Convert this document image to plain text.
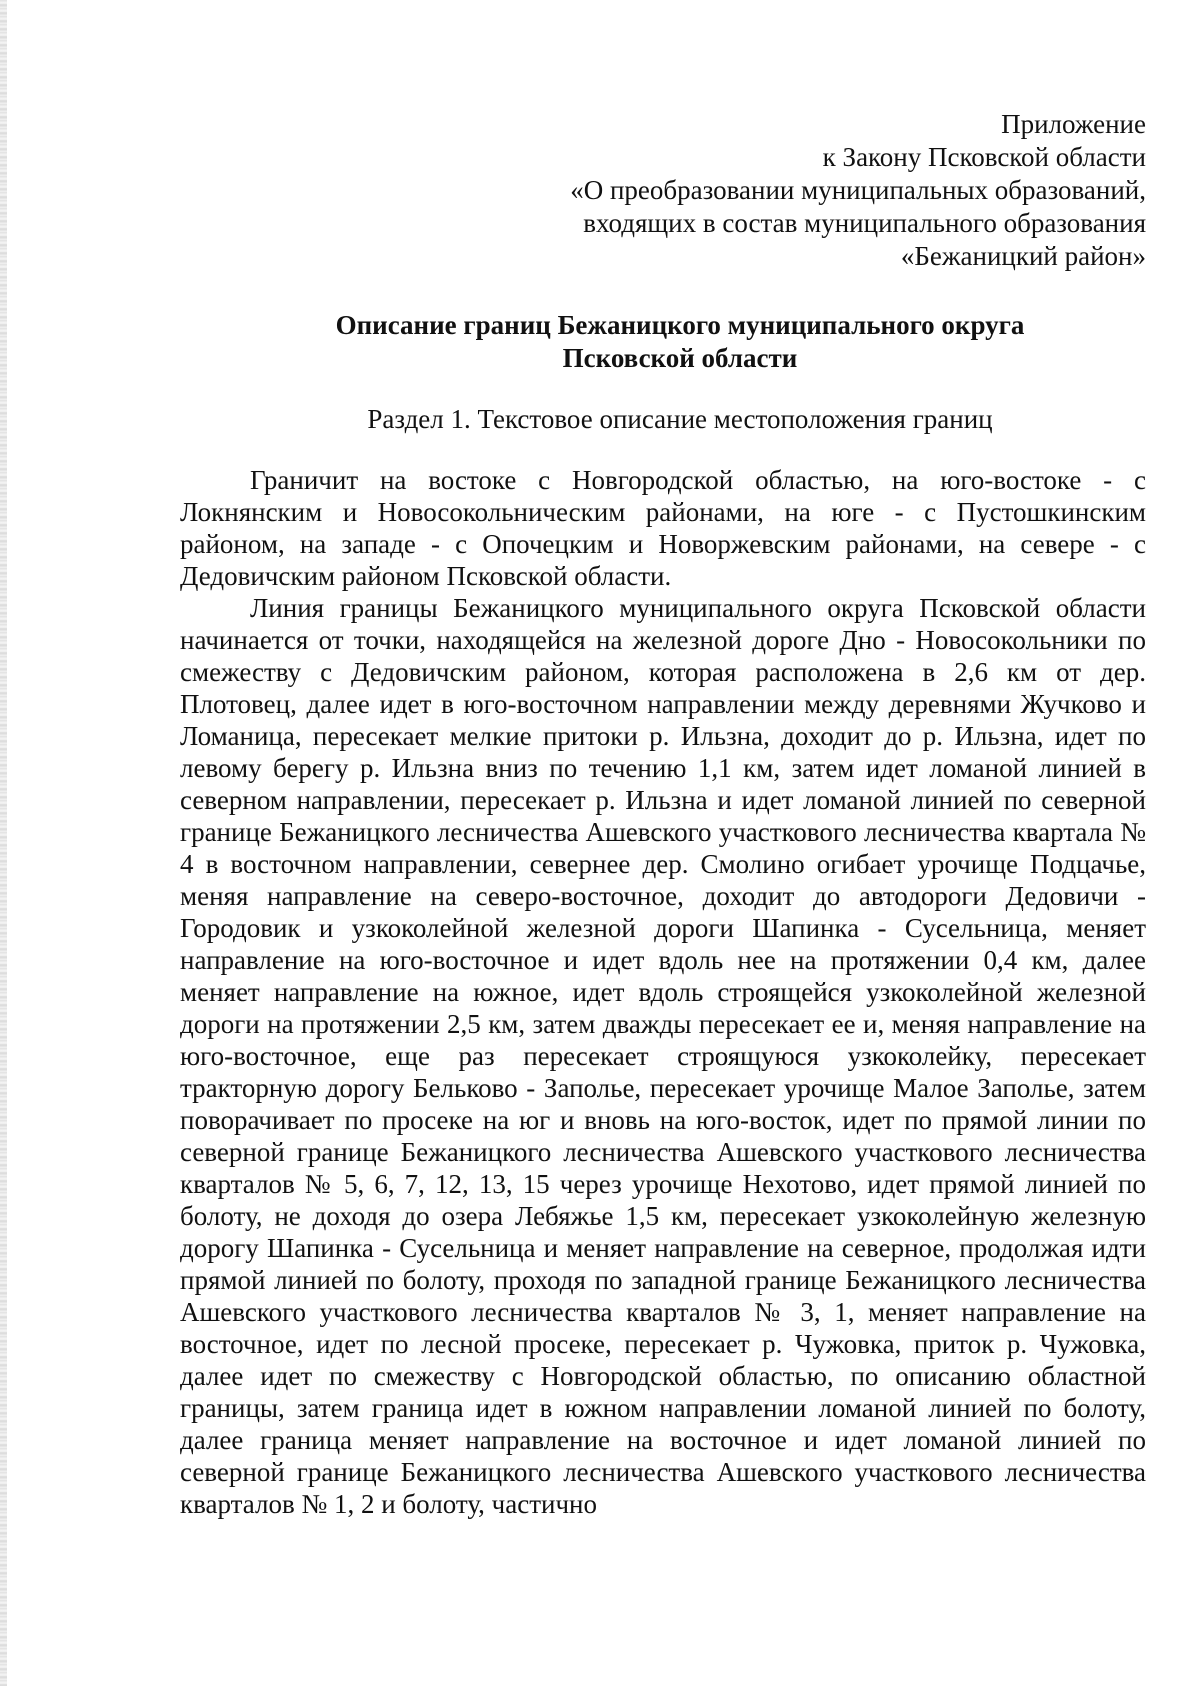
Приложение
к Закону Псковской области
«О преобразовании муниципальных образований,
входящих в состав муниципального образования
«Бежаницкий район»
Описание границ Бежаницкого муниципального округа
Псковской области
Раздел 1. Текстовое описание местоположения границ

Граничит на востоке с Новгородской областью, на юго-востоке - с Локнянским и Новосокольническим районами, на юге - с Пустошкинским районом, на западе - с Опочецким и Новоржевским районами, на севере - с Дедовичским районом Псковской области.

Линия границы Бежаницкого муниципального округа Псковской области начинается от точки, находящейся на железной дороге Дно - Новосокольники по смежеству с Дедовичским районом, которая расположена в 2,6 км от дер. Плотовец, далее идет в юго-восточном направлении между деревнями Жучково и Ломаница, пересекает мелкие притоки р. Ильзна, доходит до р. Ильзна, идет по левому берегу р. Ильзна вниз по течению 1,1 км, затем идет ломаной линией в северном направлении, пересекает р. Ильзна и идет ломаной линией по северной границе Бежаницкого лесничества Ашевского участкового лесничества квартала № 4 в восточном направлении, севернее дер. Смолино огибает урочище Подцачье, меняя направление на северо-восточное, доходит до автодороги Дедовичи - Городовик и узкоколейной железной дороги Шапинка - Сусельница, меняет направление на юго-восточное и идет вдоль нее на протяжении 0,4 км, далее меняет направление на южное, идет вдоль строящейся узкоколейной железной дороги на протяжении 2,5 км, затем дважды пересекает ее и, меняя направление на юго-восточное, еще раз пересекает строящуюся узкоколейку, пересекает тракторную дорогу Бельково - Заполье, пересекает урочище Малое Заполье, затем поворачивает по просеке на юг и вновь на юго-восток, идет по прямой линии по северной границе Бежаницкого лесничества Ашевского участкового лесничества кварталов № 5, 6, 7, 12, 13, 15 через урочище Нехотово, идет прямой линией по болоту, не доходя до озера Лебяжье 1,5 км, пересекает узкоколейную железную дорогу Шапинка - Сусельница и меняет направление на северное, продолжая идти прямой линией по болоту, проходя по западной границе Бежаницкого лесничества Ашевского участкового лесничества кварталов № 3, 1, меняет направление на восточное, идет по лесной просеке, пересекает р. Чужовка, приток р. Чужовка, далее идет по смежеству с Новгородской областью, по описанию областной границы, затем граница идет в южном направлении ломаной линией по болоту, далее граница меняет направление на восточное и идет ломаной линией по северной границе Бежаницкого лесничества Ашевского участкового лесничества кварталов № 1, 2 и болоту, частично
